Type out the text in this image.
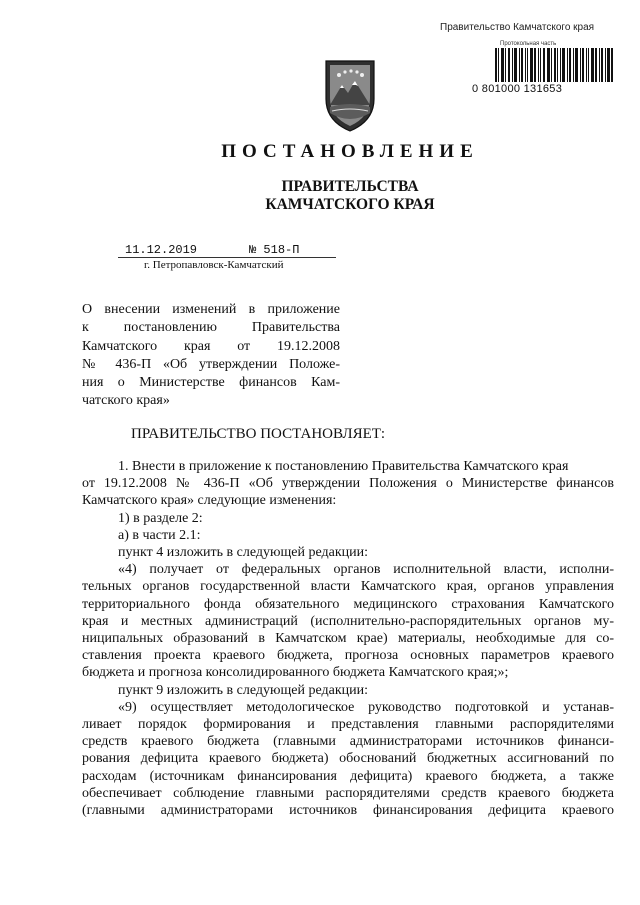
Правительство Камчатского края
Протокольная часть
0 801000 131653
ПОСТАНОВЛЕНИЕ
ПРАВИТЕЛЬСТВА
КАМЧАТСКОГО КРАЯ
11.12.2019	№ 518-П
г. Петропавловск-Камчатский
О внесении изменений в приложение
к постановлению Правительства
Камчатского края от 19.12.2008
№ 436-П «Об утверждении Положе-
ния о Министерстве финансов Кам-
чатского края»
ПРАВИТЕЛЬСТВО ПОСТАНОВЛЯЕТ:
1. Внести в приложение к постановлению Правительства Камчатского края
от 19.12.2008 № 436-П «Об утверждении Положения о Министерстве финансов
Камчатского края» следующие изменения:
1) в разделе 2:
а) в части 2.1:
пункт 4 изложить в следующей редакции:
«4) получает от федеральных органов исполнительной власти, исполни-
тельных органов государственной власти Камчатского края, органов управления
территориального фонда обязательного медицинского страхования Камчатского
края и местных администраций (исполнительно-распорядительных органов му-
ниципальных образований в Камчатском крае) материалы, необходимые для со-
ставления проекта краевого бюджета, прогноза основных параметров краевого
бюджета и прогноза консолидированного бюджета Камчатского края;»;
пункт 9 изложить в следующей редакции:
«9) осуществляет методологическое руководство подготовкой и устанав-
ливает порядок формирования и представления главными распорядителями
средств краевого бюджета (главными администраторами источников финанси-
рования дефицита краевого бюджета) обоснований бюджетных ассигнований по
расходам (источникам финансирования дефицита) краевого бюджета, а также
обеспечивает соблюдение главными распорядителями средств краевого бюджета
(главными администраторами источников финансирования дефицита краевого
